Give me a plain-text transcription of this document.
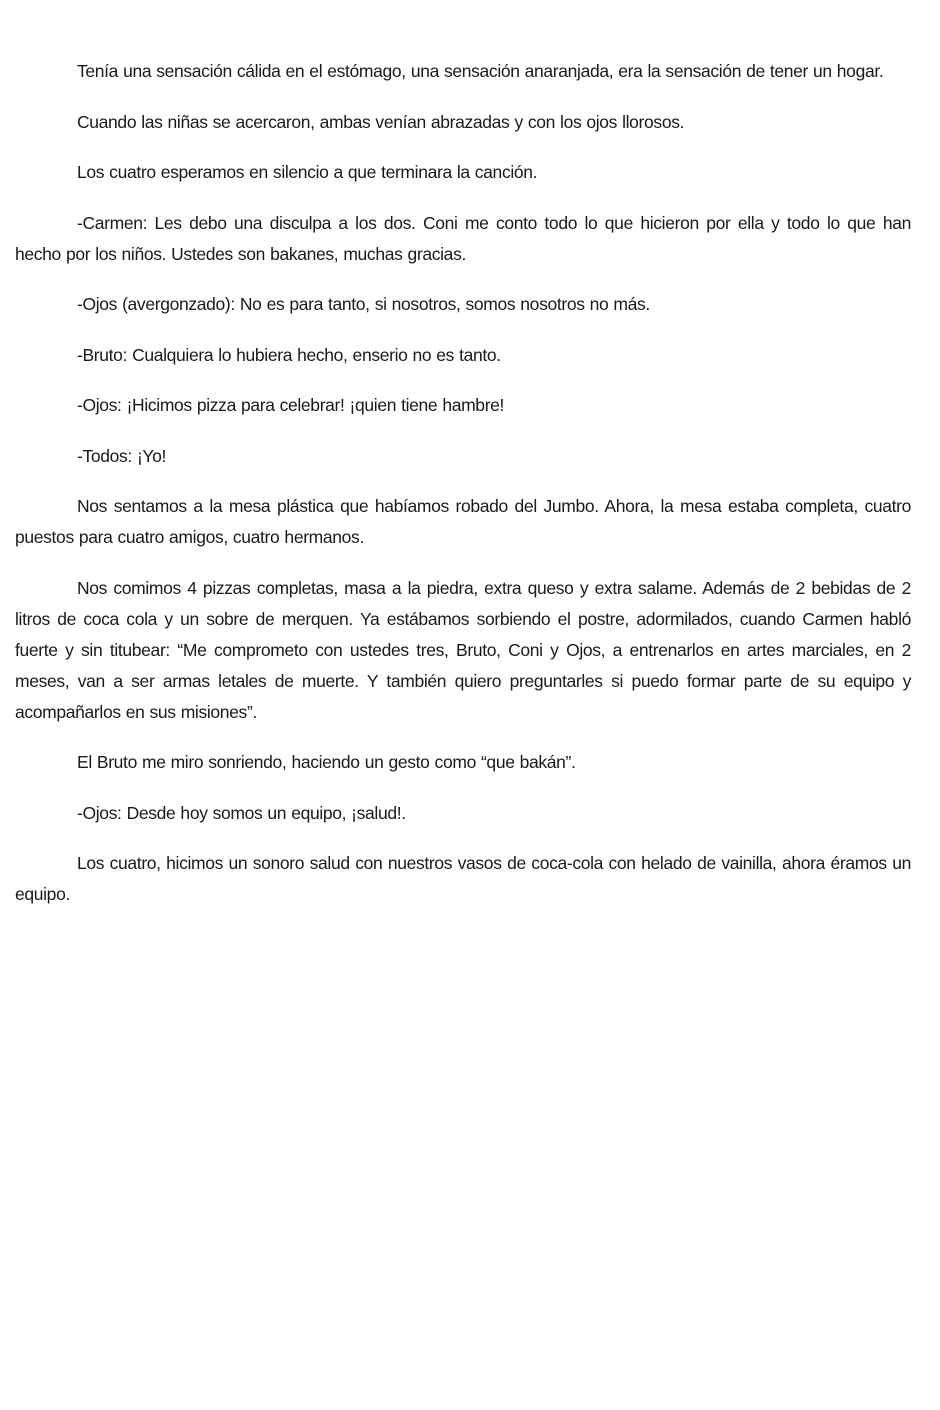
Tenía una sensación cálida en el estómago, una sensación anaranjada, era la sensación de tener un hogar.

Cuando las niñas se acercaron, ambas venían abrazadas y con los ojos llorosos.

Los cuatro esperamos en silencio a que terminara la canción.

-Carmen: Les debo una disculpa a los dos. Coni me conto todo lo que hicieron por ella y todo lo que han hecho por los niños. Ustedes son bakanes, muchas gracias.

-Ojos (avergonzado): No es para tanto, si nosotros, somos nosotros no más.

-Bruto: Cualquiera lo hubiera hecho, enserio no es tanto.

-Ojos: ¡Hicimos pizza para celebrar! ¡quien tiene hambre!

-Todos: ¡Yo!

Nos sentamos a la mesa plástica que habíamos robado del Jumbo. Ahora, la mesa estaba completa, cuatro puestos para cuatro amigos, cuatro hermanos.

Nos comimos 4 pizzas completas, masa a la piedra, extra queso y extra salame. Además de 2 bebidas de 2 litros de coca cola y un sobre de merquen. Ya estábamos sorbiendo el postre, adormilados, cuando Carmen habló fuerte y sin titubear: “Me comprometo con ustedes tres, Bruto, Coni y Ojos, a entrenarlos en artes marciales, en 2 meses, van a ser armas letales de muerte. Y también quiero preguntarles si puedo formar parte de su equipo y acompañarlos en sus misiones”.

El Bruto me miro sonriendo, haciendo un gesto como “que bakán”.

-Ojos: Desde hoy somos un equipo, ¡salud!.

Los cuatro, hicimos un sonoro salud con nuestros vasos de coca-cola con helado de vainilla, ahora éramos un equipo.
